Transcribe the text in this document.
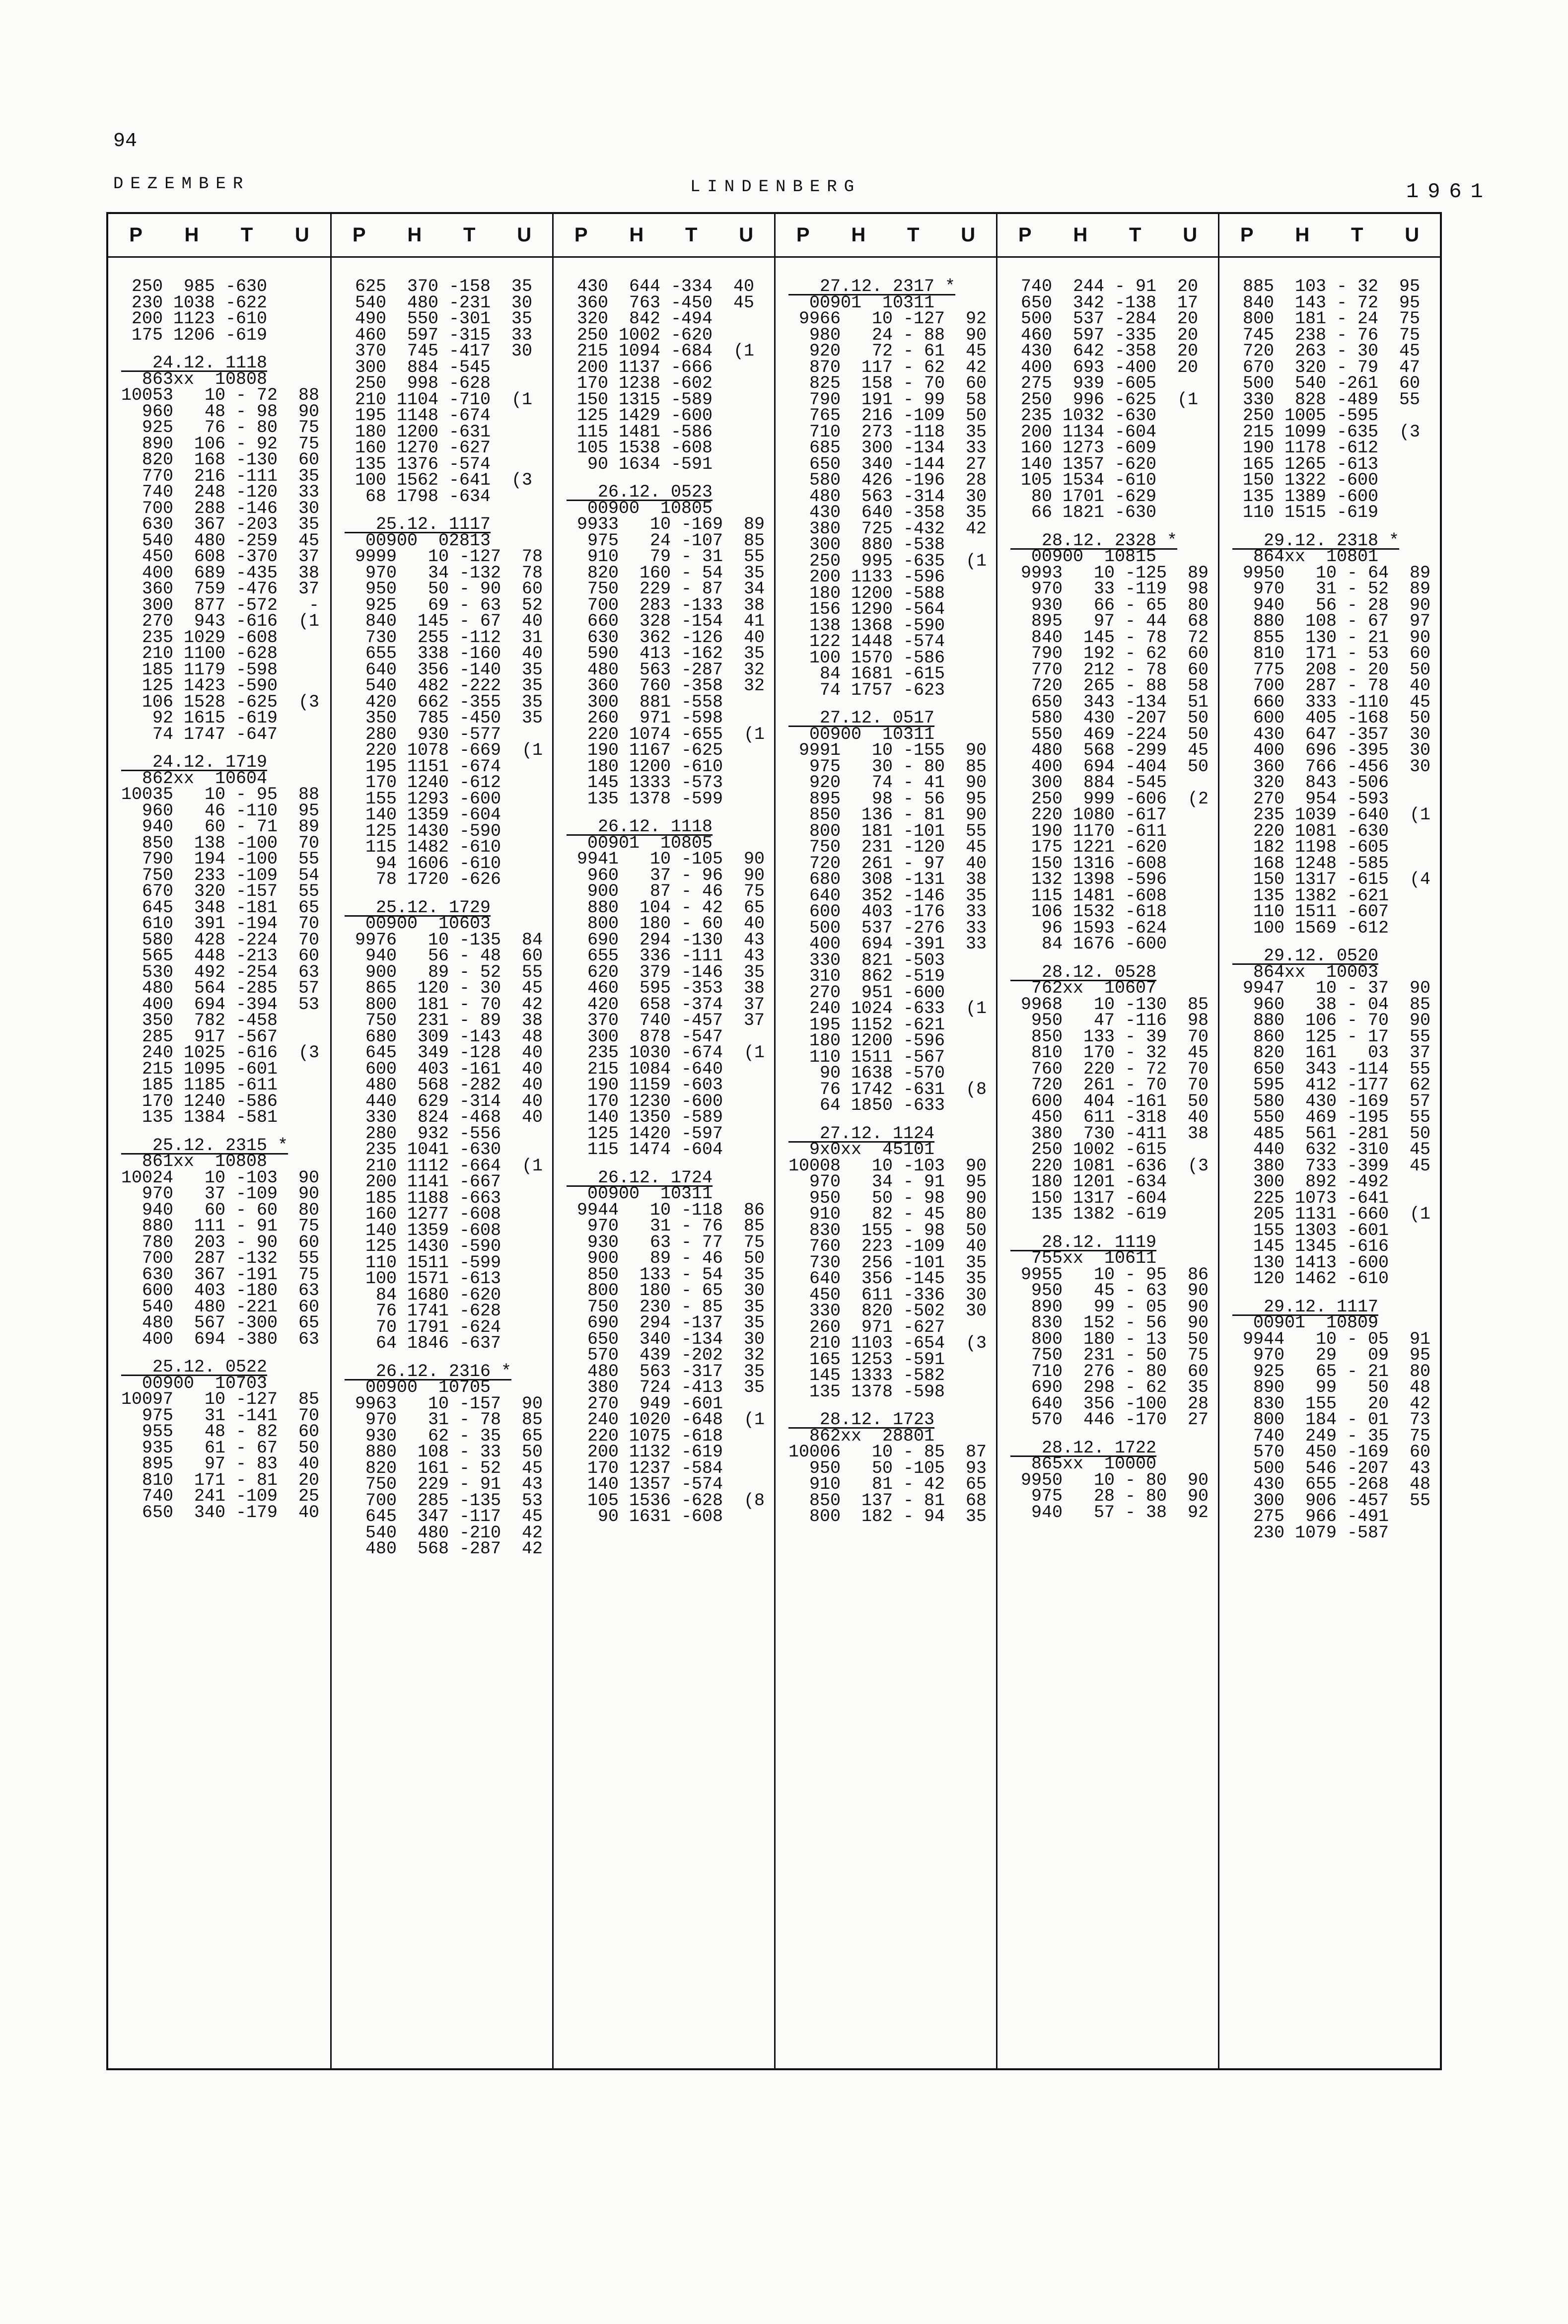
94
DEZEMBER	LINDENBERG	1961
P H T U
250  985 -630
230 1038 -622
200 1123 -610
175 1206 -619
24.12. 1118
863xx  10808
10053   10 - 72  88
960   48 - 98  90
925   76 - 80  75
890  106 - 92  75
820  168 -130  60
770  216 -111  35
740  248 -120  33
700  288 -146  30
630  367 -203  35
540  480 -259  45
450  608 -370  37
400  689 -435  38
360  759 -476  37
300  877 -572   -
270  943 -616  (1
235 1029 -608
210 1100 -628
185 1179 -598
125 1423 -590
106 1528 -625  (3
92 1615 -619
74 1747 -647
24.12. 1719
862xx  10604
10035   10 - 95  88
960   46 -110  95
940   60 - 71  89
850  138 -100  70
790  194 -100  55
750  233 -109  54
670  320 -157  55
645  348 -181  65
610  391 -194  70
580  428 -224  70
565  448 -213  60
530  492 -254  63
480  564 -285  57
400  694 -394  53
350  782 -458
285  917 -567
240 1025 -616  (3
215 1095 -601
185 1185 -611
170 1240 -586
135 1384 -581
25.12. 2315 *
861xx  10808
10024   10 -103  90
970   37 -109  90
940   60 - 60  80
880  111 - 91  75
780  203 - 90  60
700  287 -132  55
630  367 -191  75
600  403 -180  63
540  480 -221  60
480  567 -300  65
400  694 -380  63
25.12. 0522
00900  10703
10097   10 -127  85
975   31 -141  70
955   48 - 82  60
935   61 - 67  50
895   97 - 83  40
810  171 - 81  20
740  241 -109  25
650  340 -179  40
P H T U
625  370 -158  35
540  480 -231  30
490  550 -301  35
460  597 -315  33
370  745 -417  30
300  884 -545
250  998 -628
210 1104 -710  (1
195 1148 -674
180 1200 -631
160 1270 -627
135 1376 -574
100 1562 -641  (3
68 1798 -634
25.12. 1117
00900  02813
9999   10 -127  78
970   34 -132  78
950   50 - 90  60
925   69 - 63  52
840  145 - 67  40
730  255 -112  31
655  338 -160  40
640  356 -140  35
540  482 -222  35
420  662 -355  35
350  785 -450  35
280  930 -577
220 1078 -669  (1
195 1151 -674
170 1240 -612
155 1293 -600
140 1359 -604
125 1430 -590
115 1482 -610
94 1606 -610
78 1720 -626
25.12. 1729
00900  10603
9976   10 -135  84
940   56 - 48  60
900   89 - 52  55
865  120 - 30  45
800  181 - 70  42
750  231 - 89  38
680  309 -143  48
645  349 -128  40
600  403 -161  40
480  568 -282  40
440  629 -314  40
330  824 -468  40
280  932 -556
235 1041 -630
210 1112 -664  (1
200 1141 -667
185 1188 -663
160 1277 -608
140 1359 -608
125 1430 -590
110 1511 -599
100 1571 -613
84 1680 -620
76 1741 -628
70 1791 -624
64 1846 -637
26.12. 2316 *
00900  10705
9963   10 -157  90
970   31 - 78  85
930   62 - 35  65
880  108 - 33  50
820  161 - 52  45
750  229 - 91  43
700  285 -135  53
645  347 -117  45
540  480 -210  42
480  568 -287  42
P H T U
430  644 -334  40
360  763 -450  45
320  842 -494
250 1002 -620
215 1094 -684  (1
200 1137 -666
170 1238 -602
150 1315 -589
125 1429 -600
115 1481 -586
105 1538 -608
90 1634 -591
26.12. 0523
00900  10805
9933   10 -169  89
975   24 -107  85
910   79 - 31  55
820  160 - 54  35
750  229 - 87  34
700  283 -133  38
660  328 -154  41
630  362 -126  40
590  413 -162  35
480  563 -287  32
360  760 -358  32
300  881 -558
260  971 -598
220 1074 -655  (1
190 1167 -625
180 1200 -610
145 1333 -573
135 1378 -599
26.12. 1118
00901  10805
9941   10 -105  90
960   37 - 96  90
900   87 - 46  75
880  104 - 42  65
800  180 - 60  40
690  294 -130  43
655  336 -111  43
620  379 -146  35
460  595 -353  38
420  658 -374  37
370  740 -457  37
300  878 -547
235 1030 -674  (1
215 1084 -640
190 1159 -603
170 1230 -600
140 1350 -589
125 1420 -597
115 1474 -604
26.12. 1724
00900  10311
9944   10 -118  86
970   31 - 76  85
930   63 - 77  75
900   89 - 46  50
850  133 - 54  35
800  180 - 65  30
750  230 - 85  35
690  294 -137  35
650  340 -134  30
570  439 -202  32
480  563 -317  35
380  724 -413  35
270  949 -601
240 1020 -648  (1
220 1075 -618
200 1132 -619
170 1237 -584
140 1357 -574
105 1536 -628  (8
90 1631 -608
P H T U
27.12. 2317 *
00901  10311
9966   10 -127  92
980   24 - 88  90
920   72 - 61  45
870  117 - 62  42
825  158 - 70  60
790  191 - 99  58
765  216 -109  50
710  273 -118  35
685  300 -134  33
650  340 -144  27
580  426 -196  28
480  563 -314  30
430  640 -358  35
380  725 -432  42
300  880 -538
250  995 -635  (1
200 1133 -596
180 1200 -588
156 1290 -564
138 1368 -590
122 1448 -574
100 1570 -586
84 1681 -615
74 1757 -623
27.12. 0517
00900  10311
9991   10 -155  90
975   30 - 80  85
920   74 - 41  90
895   98 - 56  95
850  136 - 81  90
800  181 -101  55
750  231 -120  45
720  261 - 97  40
680  308 -131  38
640  352 -146  35
600  403 -176  33
500  537 -276  33
400  694 -391  33
330  821 -503
310  862 -519
270  951 -600
240 1024 -633  (1
195 1152 -621
180 1200 -596
110 1511 -567
90 1638 -570
76 1742 -631  (8
64 1850 -633
27.12. 1124
9x0xx  45101
10008   10 -103  90
970   34 - 91  95
950   50 - 98  90
910   82 - 45  80
830  155 - 98  50
760  223 -109  40
730  256 -101  35
640  356 -145  35
450  611 -336  30
330  820 -502  30
260  971 -627
210 1103 -654  (3
165 1253 -591
145 1333 -582
135 1378 -598
28.12. 1723
862xx  28801
10006   10 - 85  87
950   50 -105  93
910   81 - 42  65
850  137 - 81  68
800  182 - 94  35
P H T U
740  244 - 91  20
650  342 -138  17
500  537 -284  20
460  597 -335  20
430  642 -358  20
400  693 -400  20
275  939 -605
250  996 -625  (1
235 1032 -630
200 1134 -604
160 1273 -609
140 1357 -620
105 1534 -610
80 1701 -629
66 1821 -630
28.12. 2328 *
00900  10815
9993   10 -125  89
970   33 -119  98
930   66 - 65  80
895   97 - 44  68
840  145 - 78  72
790  192 - 62  60
770  212 - 78  60
720  265 - 88  58
650  343 -134  51
580  430 -207  50
550  469 -224  50
480  568 -299  45
400  694 -404  50
300  884 -545
250  999 -606  (2
220 1080 -617
190 1170 -611
175 1221 -620
150 1316 -608
132 1398 -596
115 1481 -608
106 1532 -618
96 1593 -624
84 1676 -600
28.12. 0528
762xx  10607
9968   10 -130  85
950   47 -116  98
850  133 - 39  70
810  170 - 32  45
760  220 - 72  70
720  261 - 70  70
600  404 -161  50
450  611 -318  40
380  730 -411  38
250 1002 -615
220 1081 -636  (3
180 1201 -634
150 1317 -604
135 1382 -619
28.12. 1119
755xx  10611
9955   10 - 95  86
950   45 - 63  90
890   99 - 05  90
830  152 - 56  90
800  180 - 13  50
750  231 - 50  75
710  276 - 80  60
690  298 - 62  35
640  356 -100  28
570  446 -170  27
28.12. 1722
865xx  10000
9950   10 - 80  90
975   28 - 80  90
940   57 - 38  92
P H T U
885  103 - 32  95
840  143 - 72  95
800  181 - 24  75
745  238 - 76  75
720  263 - 30  45
670  320 - 79  47
500  540 -261  60
330  828 -489  55
250 1005 -595
215 1099 -635  (3
190 1178 -612
165 1265 -613
150 1322 -600
135 1389 -600
110 1515 -619
29.12. 2318 *
864xx  10801
9950   10 - 64  89
970   31 - 52  89
940   56 - 28  90
880  108 - 67  97
855  130 - 21  90
810  171 - 53  60
775  208 - 20  50
700  287 - 78  40
660  333 -110  45
600  405 -168  50
430  647 -357  30
400  696 -395  30
360  766 -456  30
320  843 -506
270  954 -593
235 1039 -640  (1
220 1081 -630
182 1198 -605
168 1248 -585
150 1317 -615  (4
135 1382 -621
110 1511 -607
100 1569 -612
29.12. 0520
864xx  10003
9947   10 - 37  90
960   38 - 04  85
880  106 - 70  90
860  125 - 17  55
820  161   03  37
650  343 -114  55
595  412 -177  62
580  430 -169  57
550  469 -195  55
485  561 -281  50
440  632 -310  45
380  733 -399  45
300  892 -492
225 1073 -641
205 1131 -660  (1
155 1303 -601
145 1345 -616
130 1413 -600
120 1462 -610
29.12. 1117
00901  10809
9944   10 - 05  91
970   29   09  95
925   65 - 21  80
890   99   50  48
830  155   20  42
800  184 - 01  73
740  249 - 35  75
570  450 -169  60
500  546 -207  43
430  655 -268  48
300  906 -457  55
275  966 -491
230 1079 -587
